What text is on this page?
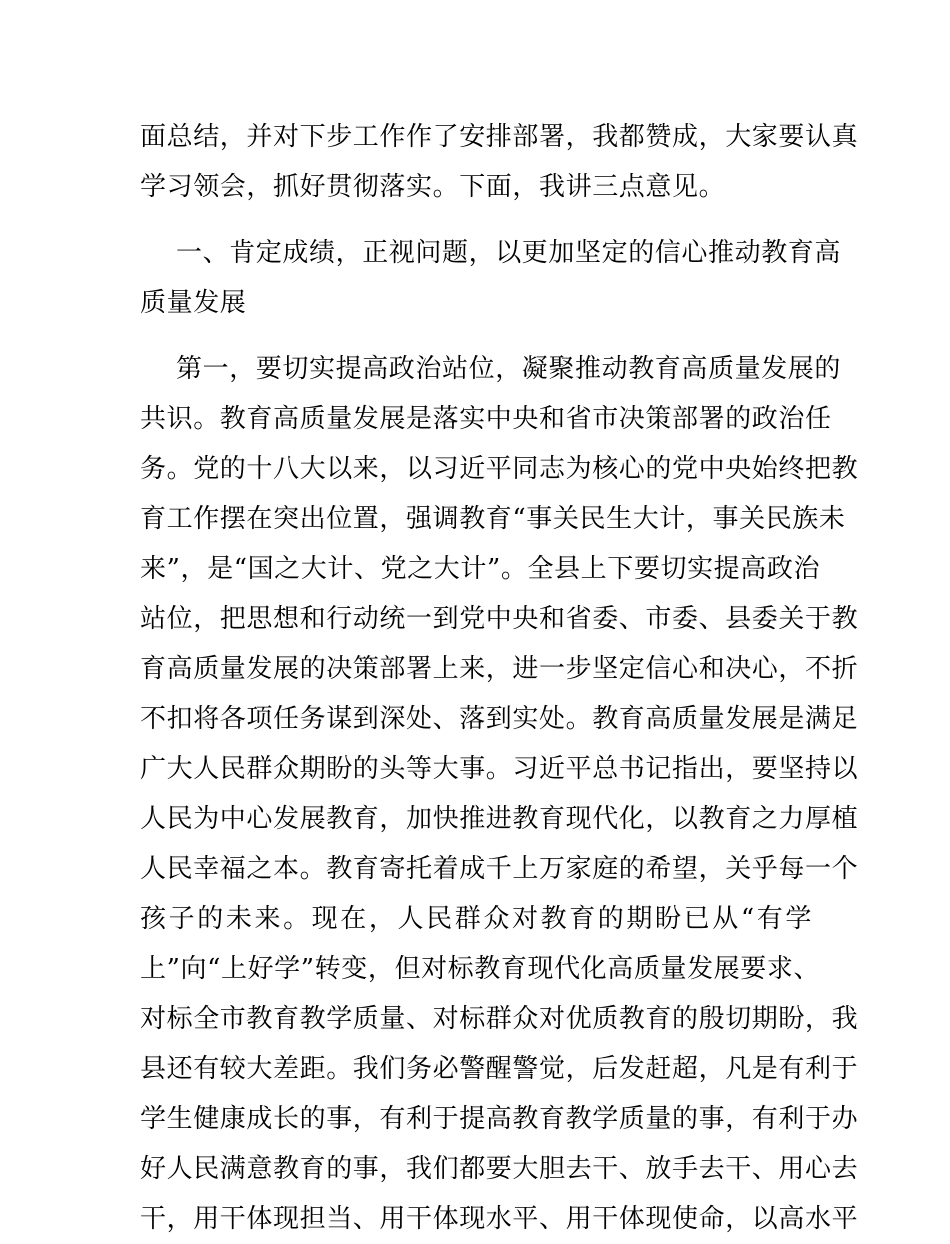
面总结，并对下步工作作了安排部署，我都赞成，大家要认真
学习领会，抓好贯彻落实。下面，我讲三点意见。
一、肯定成绩，正视问题，以更加坚定的信心推动教育高
质量发展
第一，要切实提高政治站位，凝聚推动教育高质量发展的
共识。教育高质量发展是落实中央和省市决策部署的政治任
务。党的十八大以来，以习近平同志为核心的党中央始终把教
育工作摆在突出位置，强调教育“事关民生大计，事关民族未
来”，是“国之大计、党之大计”。全县上下要切实提高政治
站位，把思想和行动统一到党中央和省委、市委、县委关于教
育高质量发展的决策部署上来，进一步坚定信心和决心，不折
不扣将各项任务谋到深处、落到实处。教育高质量发展是满足
广大人民群众期盼的头等大事。习近平总书记指出，要坚持以
人民为中心发展教育，加快推进教育现代化，以教育之力厚植
人民幸福之本。教育寄托着成千上万家庭的希望，关乎每一个
孩子的未来。现在，人民群众对教育的期盼已从“有学
上”向“上好学”转变，但对标教育现代化高质量发展要求、
对标全市教育教学质量、对标群众对优质教育的殷切期盼，我
县还有较大差距。我们务必警醒警觉，后发赶超，凡是有利于
学生健康成长的事，有利于提高教育教学质量的事，有利于办
好人民满意教育的事，我们都要大胆去干、放手去干、用心去
干，用干体现担当、用干体现水平、用干体现使命，以高水平
